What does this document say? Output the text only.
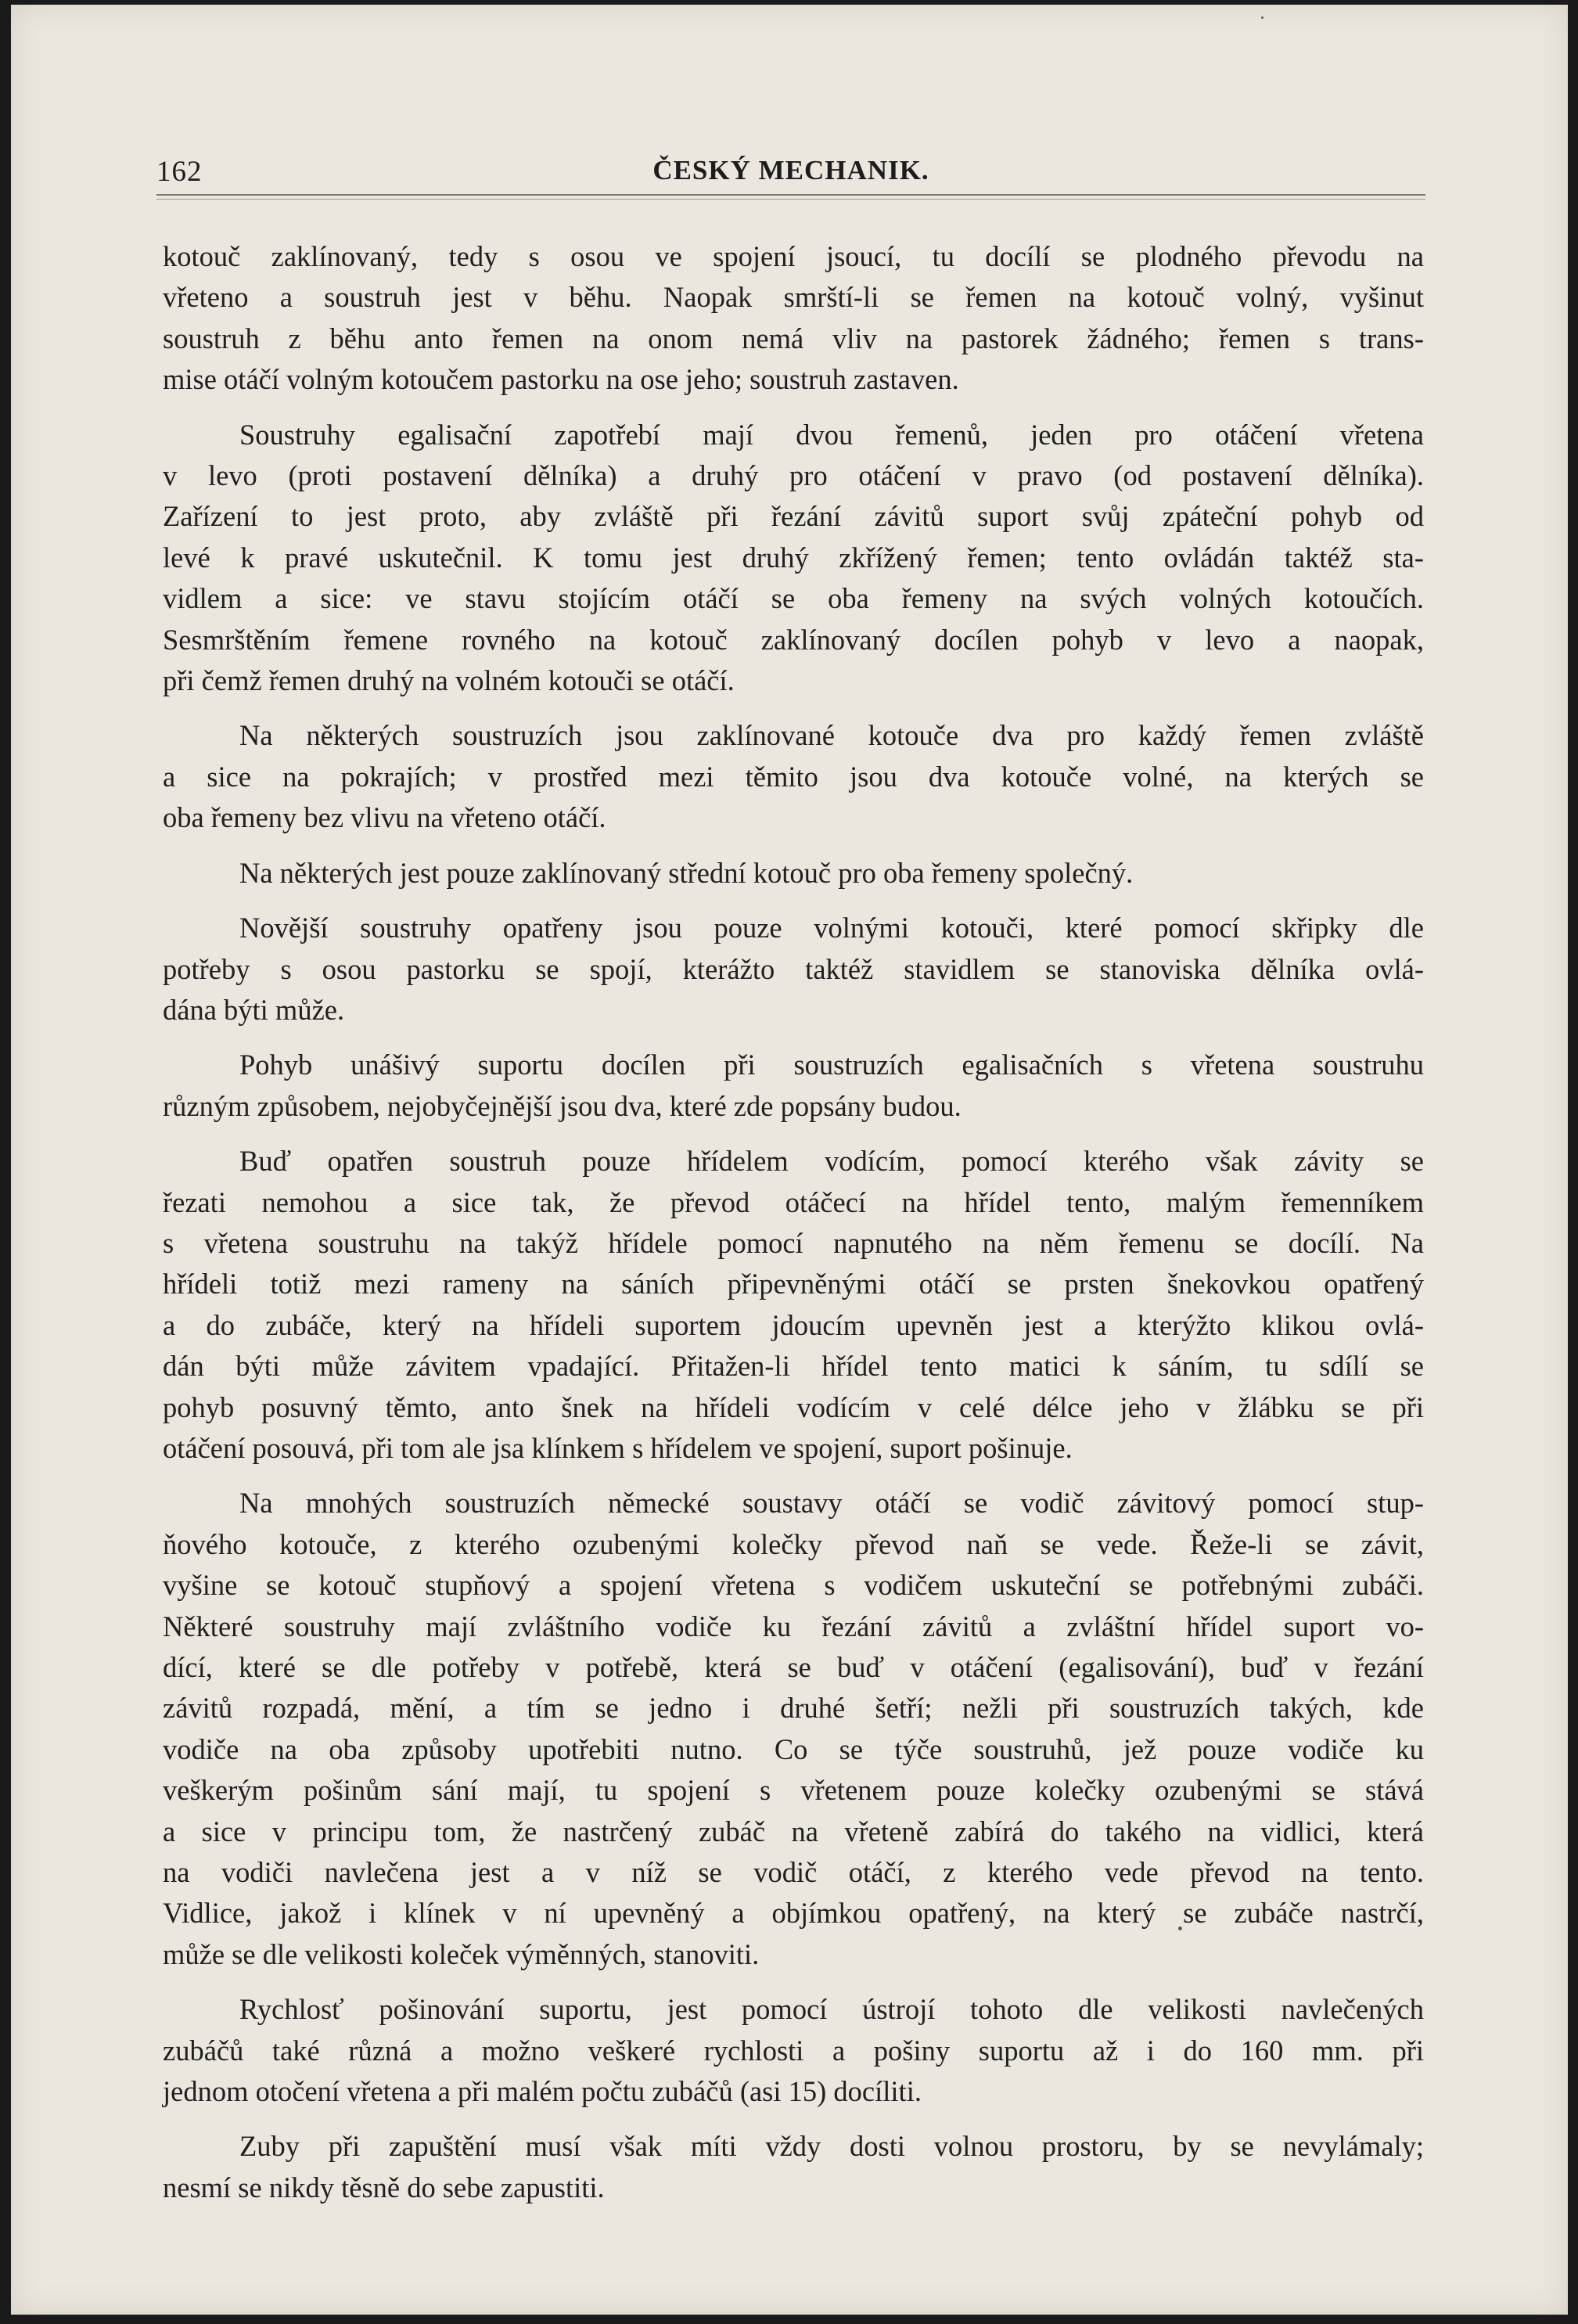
162	ČESKÝ MECHANIK.

kotouč zaklínovaný, tedy s osou ve spojení jsoucí, tu docílí se plodného převodu na
vřeteno a soustruh jest v běhu. Naopak smrští-li se řemen na kotouč volný, vyšinut
soustruh z běhu anto řemen na onom nemá vliv na pastorek žádného; řemen s trans-
mise otáčí volným kotoučem pastorku na ose jeho; soustruh zastaven.

Soustruhy egalisační zapotřebí mají dvou řemenů, jeden pro otáčení vřetena
v levo (proti postavení dělníka) a druhý pro otáčení v pravo (od postavení dělníka).
Zařízení to jest proto, aby zvláště při řezání závitů suport svůj zpáteční pohyb od
levé k pravé uskutečnil. K tomu jest druhý zkřížený řemen; tento ovládán taktéž sta-
vidlem a sice: ve stavu stojícím otáčí se oba řemeny na svých volných kotoučích.
Sesmrštěním řemene rovného na kotouč zaklínovaný docílen pohyb v levo a naopak,
při čemž řemen druhý na volném kotouči se otáčí.

Na některých soustruzích jsou zaklínované kotouče dva pro každý řemen zvláště
a sice na pokrajích; v prostřed mezi těmito jsou dva kotouče volné, na kterých se
oba řemeny bez vlivu na vřeteno otáčí.

Na některých jest pouze zaklínovaný střední kotouč pro oba řemeny společný.

Novější soustruhy opatřeny jsou pouze volnými kotouči, které pomocí skřipky dle
potřeby s osou pastorku se spojí, kterážto taktéž stavidlem se stanoviska dělníka ovlá-
dána býti může.

Pohyb unášivý suportu docílen při soustruzích egalisačních s vřetena soustruhu
různým způsobem, nejobyčejnější jsou dva, které zde popsány budou.

Buď opatřen soustruh pouze hřídelem vodícím, pomocí kterého však závity se
řezati nemohou a sice tak, že převod otáčecí na hřídel tento, malým řemenníkem
s vřetena soustruhu na takýž hřídele pomocí napnutého na něm řemenu se docílí. Na
hřídeli totiž mezi rameny na sáních připevněnými otáčí se prsten šnekovkou opatřený
a do zubáče, který na hřídeli suportem jdoucím upevněn jest a kterýžto klikou ovlá-
dán býti může závitem vpadající. Přitažen-li hřídel tento matici k sáním, tu sdílí se
pohyb posuvný těmto, anto šnek na hřídeli vodícím v celé délce jeho v žlábku se při
otáčení posouvá, při tom ale jsa klínkem s hřídelem ve spojení, suport pošinuje.

Na mnohých soustruzích německé soustavy otáčí se vodič závitový pomocí stup-
ňového kotouče, z kterého ozubenými kolečky převod naň se vede. Řeže-li se závit,
vyšine se kotouč stupňový a spojení vřetena s vodičem uskuteční se potřebnými zubáči.
Některé soustruhy mají zvláštního vodiče ku řezání závitů a zvláštní hřídel suport vo-
dící, které se dle potřeby v potřebě, která se buď v otáčení (egalisování), buď v řezání
závitů rozpadá, mění, a tím se jedno i druhé šetří; nežli při soustruzích takých, kde
vodiče na oba způsoby upotřebiti nutno. Co se týče soustruhů, jež pouze vodiče ku
veškerým pošinům sání mají, tu spojení s vřetenem pouze kolečky ozubenými se stává
a sice v principu tom, že nastrčený zubáč na vřeteně zabírá do takého na vidlici, která
na vodiči navlečena jest a v níž se vodič otáčí, z kterého vede převod na tento.
Vidlice, jakož i klínek v ní upevněný a objímkou opatřený, na který se zubáče nastrčí,
může se dle velikosti koleček výměnných, stanoviti.

Rychlosť pošinování suportu, jest pomocí ústrojí tohoto dle velikosti navlečených
zubáčů také různá a možno veškeré rychlosti a pošiny suportu až i do 160 mm. při
jednom otočení vřetena a při malém počtu zubáčů (asi 15) docíliti.

Zuby při zapuštění musí však míti vždy dosti volnou prostoru, by se nevylámaly;
nesmí se nikdy těsně do sebe zapustiti.
